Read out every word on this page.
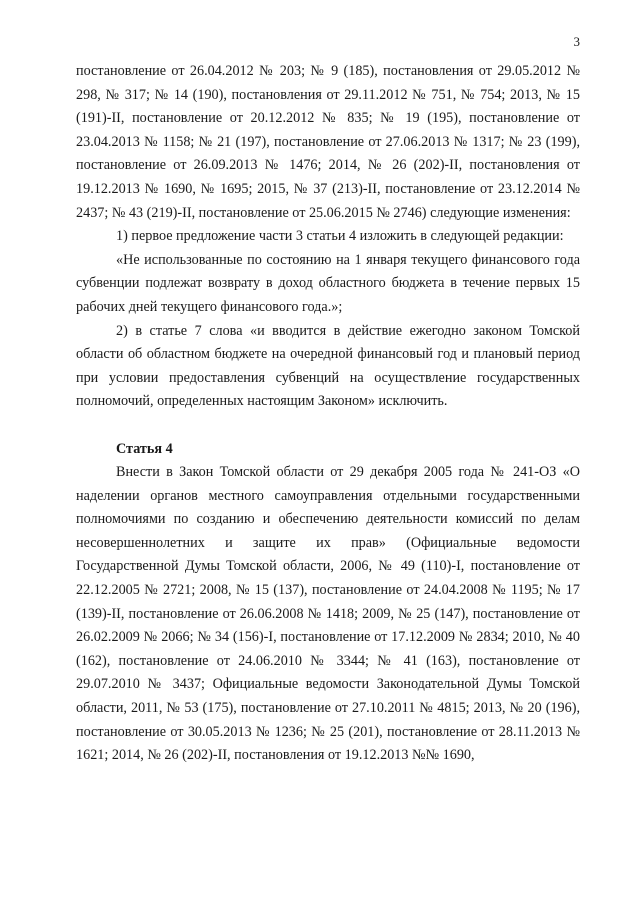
3

постановление от 26.04.2012 № 203; № 9 (185), постановления от 29.05.2012 № 298, № 317; № 14 (190), постановления от 29.11.2012 № 751, № 754; 2013, № 15 (191)-II, постановление от 20.12.2012 № 835; № 19 (195), постановление от 23.04.2013 № 1158; № 21 (197), постановление от 27.06.2013 № 1317; № 23 (199), постановление от 26.09.2013 № 1476; 2014, № 26 (202)-II, постановления от 19.12.2013 № 1690, № 1695; 2015, № 37 (213)-II, постановление от 23.12.2014 № 2437; № 43 (219)-II, постановление от 25.06.2015 № 2746) следующие изменения:

1) первое предложение части 3 статьи 4 изложить в следующей редакции:

«Не использованные по состоянию на 1 января текущего финансового года субвенции подлежат возврату в доход областного бюджета в течение первых 15 рабочих дней текущего финансового года.»;

2) в статье 7 слова «и вводится в действие ежегодно законом Томской области об областном бюджете на очередной финансовый год и плановый период при условии предоставления субвенций на осуществление государственных полномочий, определенных настоящим Законом» исключить.

Статья 4

Внести в Закон Томской области от 29 декабря 2005 года № 241-ОЗ «О наделении органов местного самоуправления отдельными государственными полномочиями по созданию и обеспечению деятельности комиссий по делам несовершеннолетних и защите их прав» (Официальные ведомости Государственной Думы Томской области, 2006, № 49 (110)-I, постановление от 22.12.2005 № 2721; 2008, № 15 (137), постановление от 24.04.2008 № 1195; № 17 (139)-II, постановление от 26.06.2008 № 1418; 2009, № 25 (147), постановление от 26.02.2009 № 2066; № 34 (156)-I, постановление от 17.12.2009 № 2834; 2010, № 40 (162), постановление от 24.06.2010 № 3344; № 41 (163), постановление от 29.07.2010 № 3437; Официальные ведомости Законодательной Думы Томской области, 2011, № 53 (175), постановление от 27.10.2011 № 4815; 2013, № 20 (196), постановление от 30.05.2013 № 1236; № 25 (201), постановление от 28.11.2013 № 1621; 2014, № 26 (202)-II, постановления от 19.12.2013 №№ 1690,
